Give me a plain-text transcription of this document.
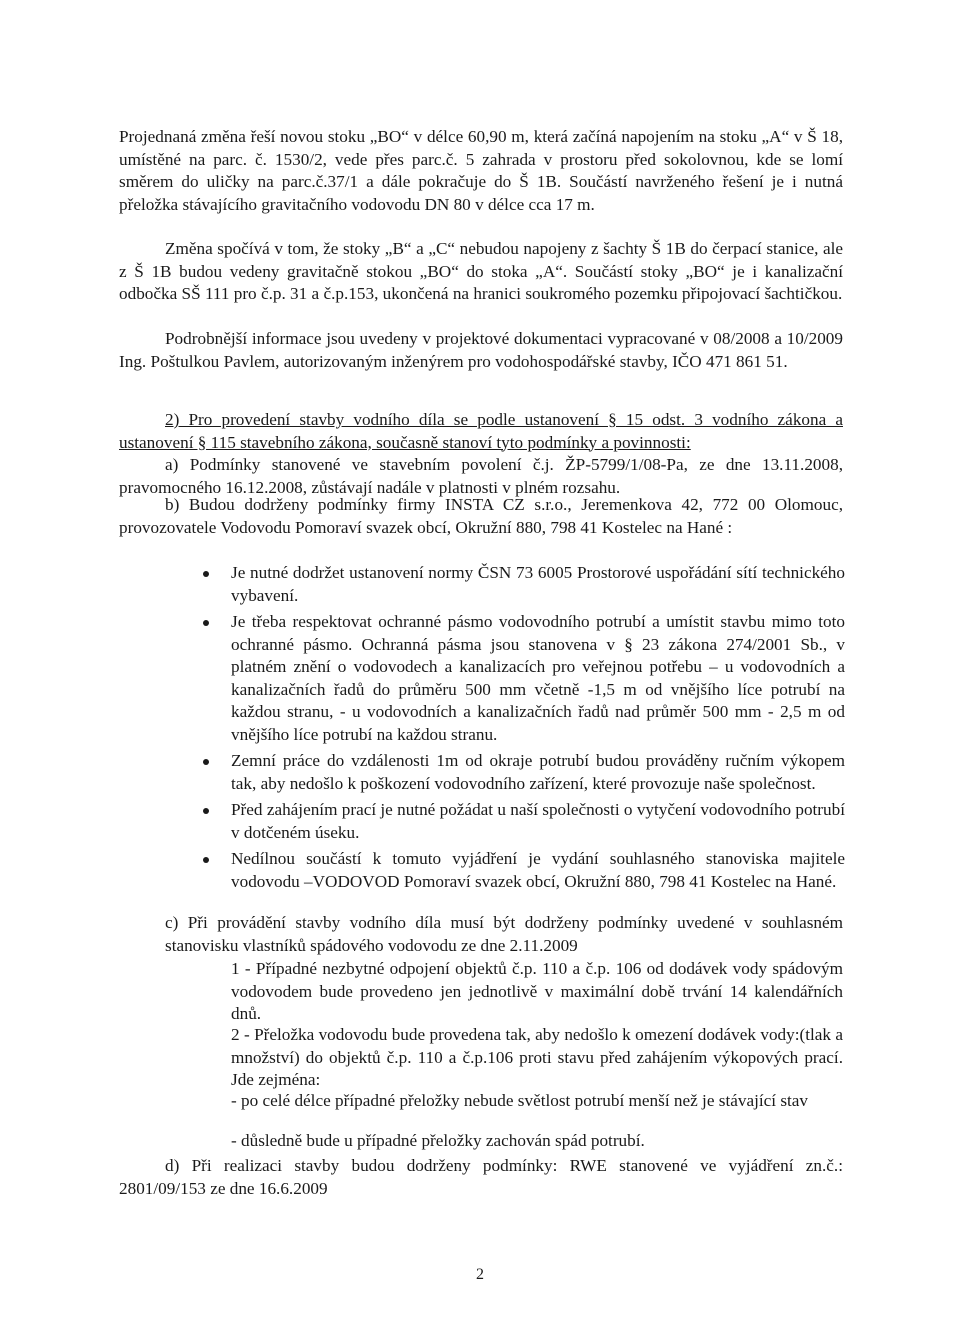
Projednaná změna řeší novou stoku „BO“ v délce 60,90 m, která začíná napojením na stoku „A“ v Š 18, umístěné na parc. č. 1530/2, vede přes parc.č. 5 zahrada v prostoru před sokolovnou, kde se lomí směrem do uličky na parc.č.37/1 a dále pokračuje do Š 1B. Součástí navrženého řešení je i nutná přeložka stávajícího gravitačního vodovodu DN 80 v délce cca 17 m.

Změna spočívá v tom, že stoky „B“ a „C“ nebudou napojeny z šachty Š 1B do čerpací stanice, ale z Š 1B budou vedeny gravitačně stokou „BO“ do stoka „A“. Součástí stoky „BO“ je i kanalizační odbočka SŠ 111 pro č.p. 31 a č.p.153, ukončená na hranici soukromého pozemku připojovací šachtičkou.

Podrobnější informace jsou uvedeny v projektové dokumentaci vypracované v 08/2008 a 10/2009 Ing. Poštulkou Pavlem, autorizovaným inženýrem pro vodohospodářské stavby, IČO 471 861 51.

2) Pro provedení stavby vodního díla se podle ustanovení § 15 odst. 3 vodního zákona a ustanovení § 115 stavebního zákona, současně stanoví tyto podmínky a povinnosti:

a) Podmínky stanovené ve stavebním povolení č.j. ŽP-5799/1/08-Pa, ze dne 13.11.2008, pravomocného 16.12.2008, zůstávají nadále v platnosti v plném rozsahu.

b) Budou dodrženy podmínky firmy INSTA CZ s.r.o., Jeremenkova 42, 772 00 Olomouc, provozovatele Vodovodu Pomoraví svazek obcí, Okružní 880, 798 41 Kostelec na Hané :

Je nutné dodržet ustanovení normy ČSN 73 6005 Prostorové uspořádání sítí technického vybavení.
Je třeba respektovat ochranné pásmo vodovodního potrubí a umístit stavbu mimo toto ochranné pásmo. Ochranná pásma jsou stanovena v § 23 zákona 274/2001 Sb., v platném znění o vodovodech a kanalizacích pro veřejnou potřebu – u vodovodních a kanalizačních řadů do průměru 500 mm včetně -1,5 m od vnějšího líce potrubí na každou stranu, - u vodovodních a kanalizačních řadů nad průměr 500 mm - 2,5 m od vnějšího líce potrubí na každou stranu.
Zemní práce do vzdálenosti 1m od okraje potrubí budou prováděny ručním výkopem tak, aby nedošlo k poškození vodovodního zařízení, které provozuje naše společnost.
Před zahájením prací je nutné požádat u naší společnosti o vytyčení vodovodního potrubí v dotčeném úseku.
Nedílnou součástí k tomuto vyjádření je vydání souhlasného stanoviska majitele vodovodu –VODOVOD Pomoraví svazek obcí, Okružní 880, 798 41 Kostelec na Hané.

c) Při provádění stavby vodního díla musí být dodrženy podmínky uvedené v souhlasném stanovisku vlastníků spádového vodovodu ze dne 2.11.2009

1 - Případné nezbytné odpojení objektů č.p. 110 a č.p. 106 od dodávek vody spádovým vodovodem bude provedeno jen jednotlivě v maximální době trvání 14 kalendářních dnů.

2 - Přeložka vodovodu bude provedena tak, aby nedošlo k omezení dodávek vody:(tlak a množství) do objektů č.p. 110 a č.p.106 proti stavu před zahájením výkopových prací. Jde zejména:

- po celé délce případné přeložky nebude světlost potrubí menší než je stávající stav

- důsledně bude u případné přeložky zachován spád potrubí.

d) Při realizaci stavby budou dodrženy podmínky: RWE stanovené ve vyjádření zn.č.: 2801/09/153 ze dne 16.6.2009

2
